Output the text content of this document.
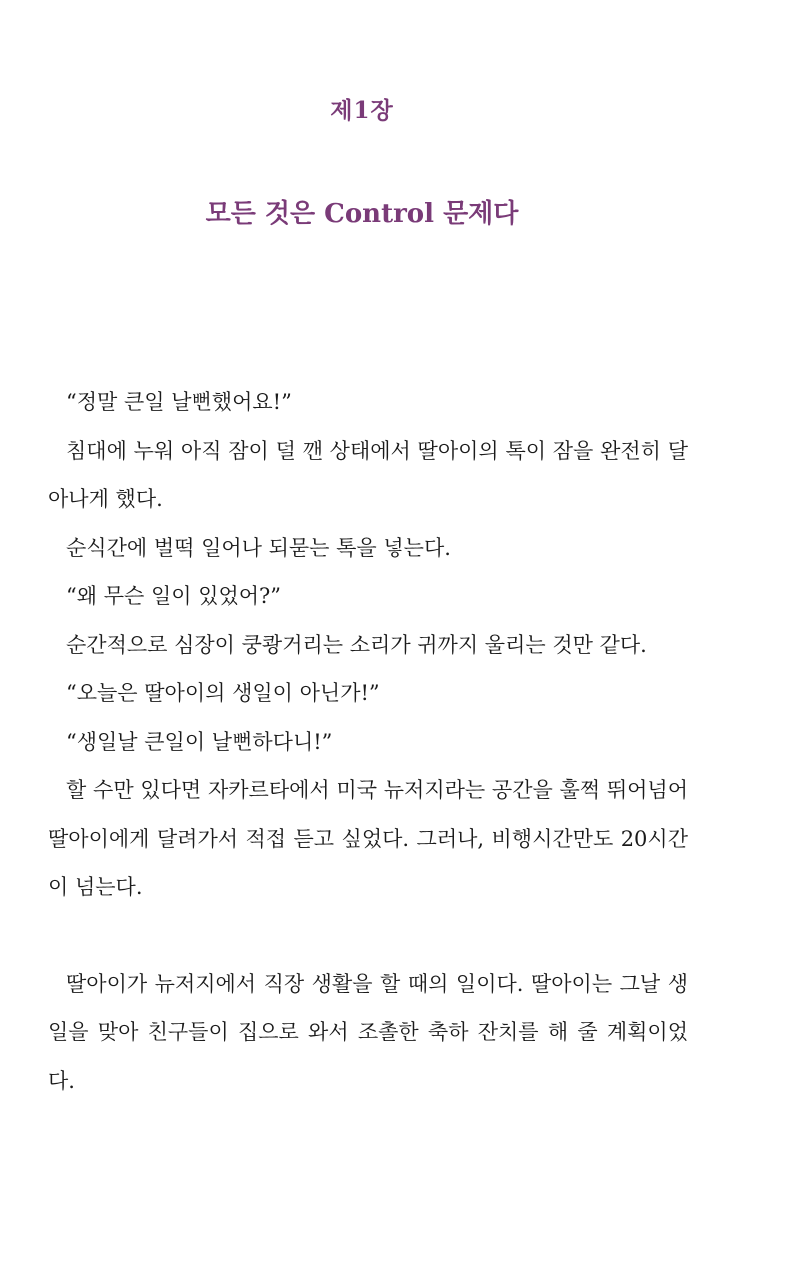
제1장
모든 것은 Control 문제다

“정말 큰일 날뻔했어요!”

침대에 누워 아직 잠이 덜 깬 상태에서 딸아이의 톡이 잠을 완전히 달아나게 했다.

순식간에 벌떡 일어나 되묻는 톡을 넣는다.

“왜 무슨 일이 있었어?”

순간적으로 심장이 쿵쾅거리는 소리가 귀까지 울리는 것만 같다.

“오늘은 딸아이의 생일이 아닌가!”

“생일날 큰일이 날뻔하다니!”

할 수만 있다면 자카르타에서 미국 뉴저지라는 공간을 훌쩍 뛰어넘어 딸아이에게 달려가서 적접 듣고 싶었다. 그러나, 비행시간만도 20시간이 넘는다.

딸아이가 뉴저지에서 직장 생활을 할 때의 일이다. 딸아이는 그날 생일을 맞아 친구들이 집으로 와서 조촐한 축하 잔치를 해 줄 계획이었다.
